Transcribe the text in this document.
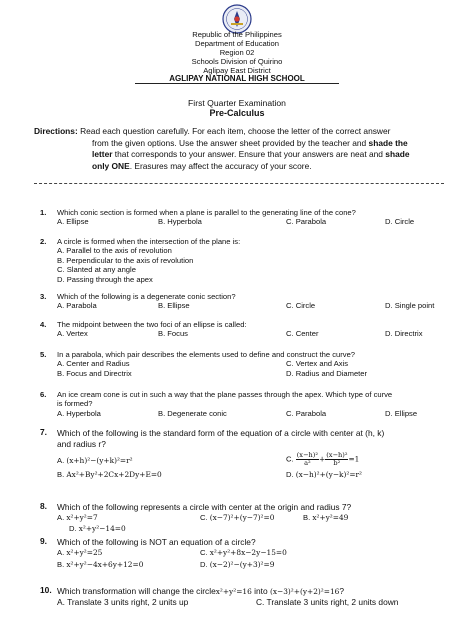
Republic of the Philippines
Department of Education
Region 02
Schools Division of Quirino
Aglipay East District
AGLIPAY NATIONAL HIGH SCHOOL
First Quarter Examination
Pre-Calculus
Directions: Read each question carefully. For each item, choose the letter of the correct answer
from the given options. Use the answer sheet provided by the teacher and shade the
letter that corresponds to your answer. Ensure that your answers are neat and shade
only ONE. Erasures may affect the accuracy of your score.
1.	Which conic section is formed when a plane is parallel to the generating line of the cone?
A. Ellipse	B. Hyperbola	C. Parabola	D. Circle
2.	A circle is formed when the intersection of the plane is:
A. Parallel to the axis of revolution
B. Perpendicular to the axis of revolution
C. Slanted at any angle
D. Passing through the apex
3.	Which of the following is a degenerate conic section?
A. Parabola	B. Ellipse	C. Circle	D. Single point
4.	The midpoint between the two foci of an ellipse is called:
A. Vertex	B. Focus	C. Center	D. Directrix
5.	In a parabola, which pair describes the elements used to define and construct the curve?
A. Center and Radius	C. Vertex and Axis
B. Focus and Directrix	D. Radius and Diameter
6.	An ice cream cone is cut in such a way that the plane passes through the apex. Which type of curve
is formed?
A. Hyperbola	B. Degenerate conic	C. Parabola	D. Ellipse
7.	Which of the following is the standard form of the equation of a circle with center at (h, k)
and radius r?
A. (x+h)²−(y+k)²=r²	C. $\frac{\text{(x−h)²}}{\text{a²}} + \frac{\text{(x−h)²}}{\text{b²}} =1$
B. Ax²+By²+2Cx+2Dy+E=0	D. (x−h)²+(y−k)²=r²
8.	Which of the following represents a circle with center at the origin and radius 7?
A. x²+y²=7	C. (x−7)²+(y−7)²=0	B. x²+y²=49
D. x²+y²−14=0
9.	Which of the following is NOT an equation of a circle?
A. x²+y²=25	C. x²+y²+8x−2y−15=0
B. x²+y²−4x+6y+12=0	D. (x−2)²−(y+3)²=9
10. Which transformation will change the circlex²+y²=16 into (x−3)²+(y+2)²=16?
A. Translate 3 units right, 2 units up	C. Translate 3 units right, 2 units down
